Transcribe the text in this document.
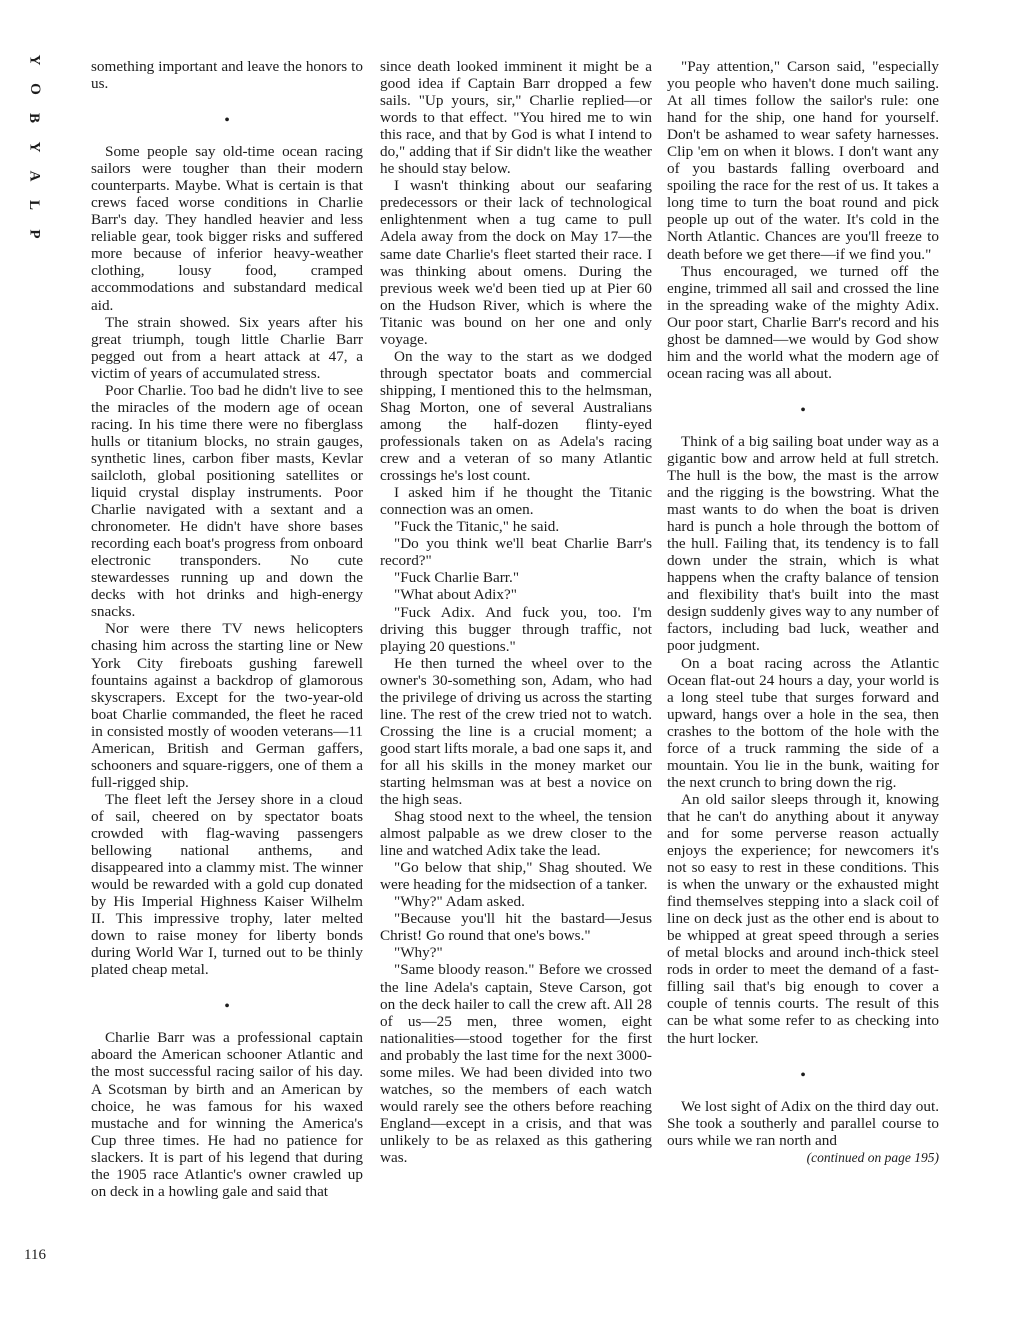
Y
O
B
Y
A
L
P
116

something important and leave the honors to us.

•

Some people say old-time ocean racing sailors were tougher than their modern counterparts. Maybe. What is certain is that crews faced worse conditions in Charlie Barr's day. They handled heavier and less reliable gear, took bigger risks and suffered more because of inferior heavy-weather clothing, lousy food, cramped accommodations and substandard medical aid.

The strain showed. Six years after his great triumph, tough little Charlie Barr pegged out from a heart attack at 47, a victim of years of accumulated stress.

Poor Charlie. Too bad he didn't live to see the miracles of the modern age of ocean racing. In his time there were no fiberglass hulls or titanium blocks, no strain gauges, synthetic lines, carbon fiber masts, Kevlar sailcloth, global positioning satellites or liquid crystal display instruments. Poor Charlie navigated with a sextant and a chronometer. He didn't have shore bases recording each boat's progress from onboard electronic transponders. No cute stewardesses running up and down the decks with hot drinks and high-energy snacks.

Nor were there TV news helicopters chasing him across the starting line or New York City fireboats gushing farewell fountains against a backdrop of glamorous skyscrapers. Except for the two-year-old boat Charlie commanded, the fleet he raced in consisted mostly of wooden veterans—11 American, British and German gaffers, schooners and square-riggers, one of them a full-rigged ship.

The fleet left the Jersey shore in a cloud of sail, cheered on by spectator boats crowded with flag-waving passengers bellowing national anthems, and disappeared into a clammy mist. The winner would be rewarded with a gold cup donated by His Imperial Highness Kaiser Wilhelm II. This impressive trophy, later melted down to raise money for liberty bonds during World War I, turned out to be thinly plated cheap metal.

•

Charlie Barr was a professional captain aboard the American schooner Atlantic and the most successful racing sailor of his day. A Scotsman by birth and an American by choice, he was famous for his waxed mustache and for winning the America's Cup three times. He had no patience for slackers. It is part of his legend that during the 1905 race Atlantic's owner crawled up on deck in a howling gale and said that

since death looked imminent it might be a good idea if Captain Barr dropped a few sails. "Up yours, sir," Charlie replied—or words to that effect. "You hired me to win this race, and that by God is what I intend to do," adding that if Sir didn't like the weather he should stay below.

I wasn't thinking about our seafaring predecessors or their lack of technological enlightenment when a tug came to pull Adela away from the dock on May 17—the same date Charlie's fleet started their race. I was thinking about omens. During the previous week we'd been tied up at Pier 60 on the Hudson River, which is where the Titanic was bound on her one and only voyage.

On the way to the start as we dodged through spectator boats and commercial shipping, I mentioned this to the helmsman, Shag Morton, one of several Australians among the half-dozen flinty-eyed professionals taken on as Adela's racing crew and a veteran of so many Atlantic crossings he's lost count.

I asked him if he thought the Titanic connection was an omen.

"Fuck the Titanic," he said.

"Do you think we'll beat Charlie Barr's record?"

"Fuck Charlie Barr."

"What about Adix?"

"Fuck Adix. And fuck you, too. I'm driving this bugger through traffic, not playing 20 questions."

He then turned the wheel over to the owner's 30-something son, Adam, who had the privilege of driving us across the starting line. The rest of the crew tried not to watch. Crossing the line is a crucial moment; a good start lifts morale, a bad one saps it, and for all his skills in the money market our starting helmsman was at best a novice on the high seas.

Shag stood next to the wheel, the tension almost palpable as we drew closer to the line and watched Adix take the lead.

"Go below that ship," Shag shouted. We were heading for the midsection of a tanker.

"Why?" Adam asked.

"Because you'll hit the bastard—Jesus Christ! Go round that one's bows."

"Why?"

"Same bloody reason." Before we crossed the line Adela's captain, Steve Carson, got on the deck hailer to call the crew aft. All 28 of us—25 men, three women, eight nationalities—stood together for the first and probably the last time for the next 3000-some miles. We had been divided into two watches, so the members of each watch would rarely see the others before reaching England—except in a crisis, and that was unlikely to be as relaxed as this gathering was.

"Pay attention," Carson said, "especially you people who haven't done much sailing. At all times follow the sailor's rule: one hand for the ship, one hand for yourself. Don't be ashamed to wear safety harnesses. Clip 'em on when it blows. I don't want any of you bastards falling overboard and spoiling the race for the rest of us. It takes a long time to turn the boat round and pick people up out of the water. It's cold in the North Atlantic. Chances are you'll freeze to death before we get there—if we find you."

Thus encouraged, we turned off the engine, trimmed all sail and crossed the line in the spreading wake of the mighty Adix. Our poor start, Charlie Barr's record and his ghost be damned—we would by God show him and the world what the modern age of ocean racing was all about.

•

Think of a big sailing boat under way as a gigantic bow and arrow held at full stretch. The hull is the bow, the mast is the arrow and the rigging is the bowstring. What the mast wants to do when the boat is driven hard is punch a hole through the bottom of the hull. Failing that, its tendency is to fall down under the strain, which is what happens when the crafty balance of tension and flexibility that's built into the mast design suddenly gives way to any number of factors, including bad luck, weather and poor judgment.

On a boat racing across the Atlantic Ocean flat-out 24 hours a day, your world is a long steel tube that surges forward and upward, hangs over a hole in the sea, then crashes to the bottom of the hole with the force of a truck ramming the side of a mountain. You lie in the bunk, waiting for the next crunch to bring down the rig.

An old sailor sleeps through it, knowing that he can't do anything about it anyway and for some perverse reason actually enjoys the experience; for newcomers it's not so easy to rest in these conditions. This is when the unwary or the exhausted might find themselves stepping into a slack coil of line on deck just as the other end is about to be whipped at great speed through a series of metal blocks and around inch-thick steel rods in order to meet the demand of a fast-filling sail that's big enough to cover a couple of tennis courts. The result of this can be what some refer to as checking into the hurt locker.

•

We lost sight of Adix on the third day out. She took a southerly and parallel course to ours while we ran north and

(continued on page 195)
